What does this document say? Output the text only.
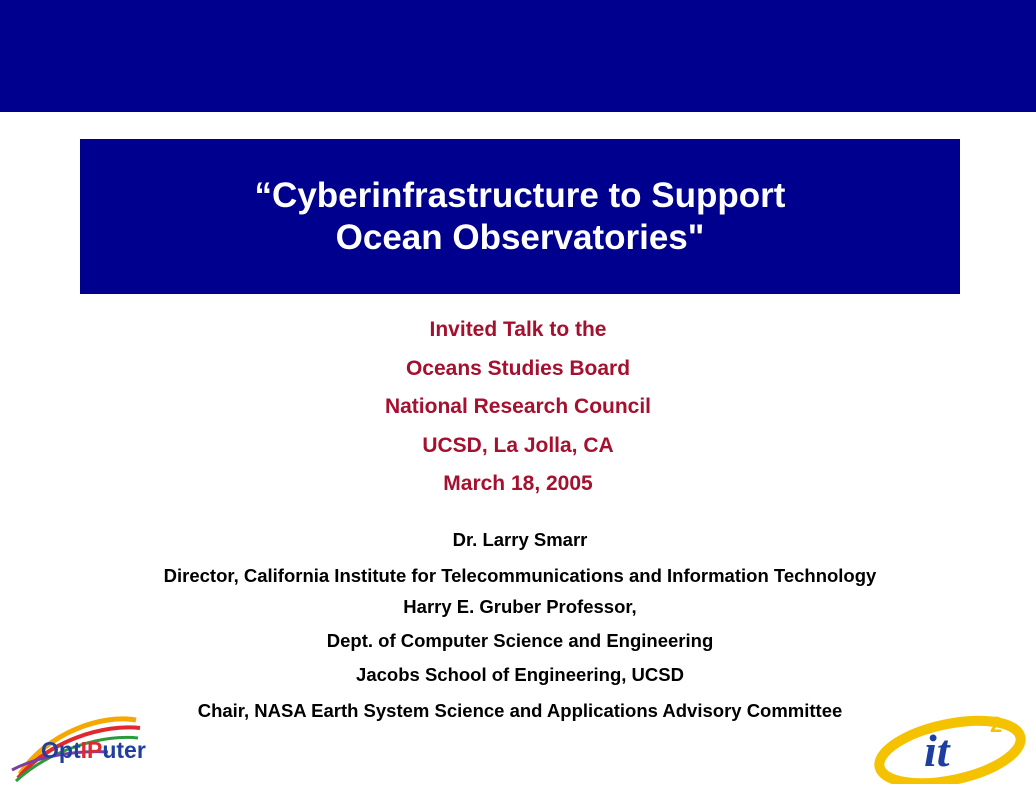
“Cyberinfrastructure to Support
Ocean Observatories"
Invited Talk to the
Oceans Studies Board
National Research Council
UCSD, La Jolla, CA
March 18, 2005
Dr. Larry Smarr
Director, California Institute for Telecommunications and Information Technology
Harry E. Gruber Professor,
Dept. of Computer Science and Engineering
Jacobs School of Engineering, UCSD
Chair, NASA Earth System Science and Applications Advisory Committee
OptIPuter	it
2
